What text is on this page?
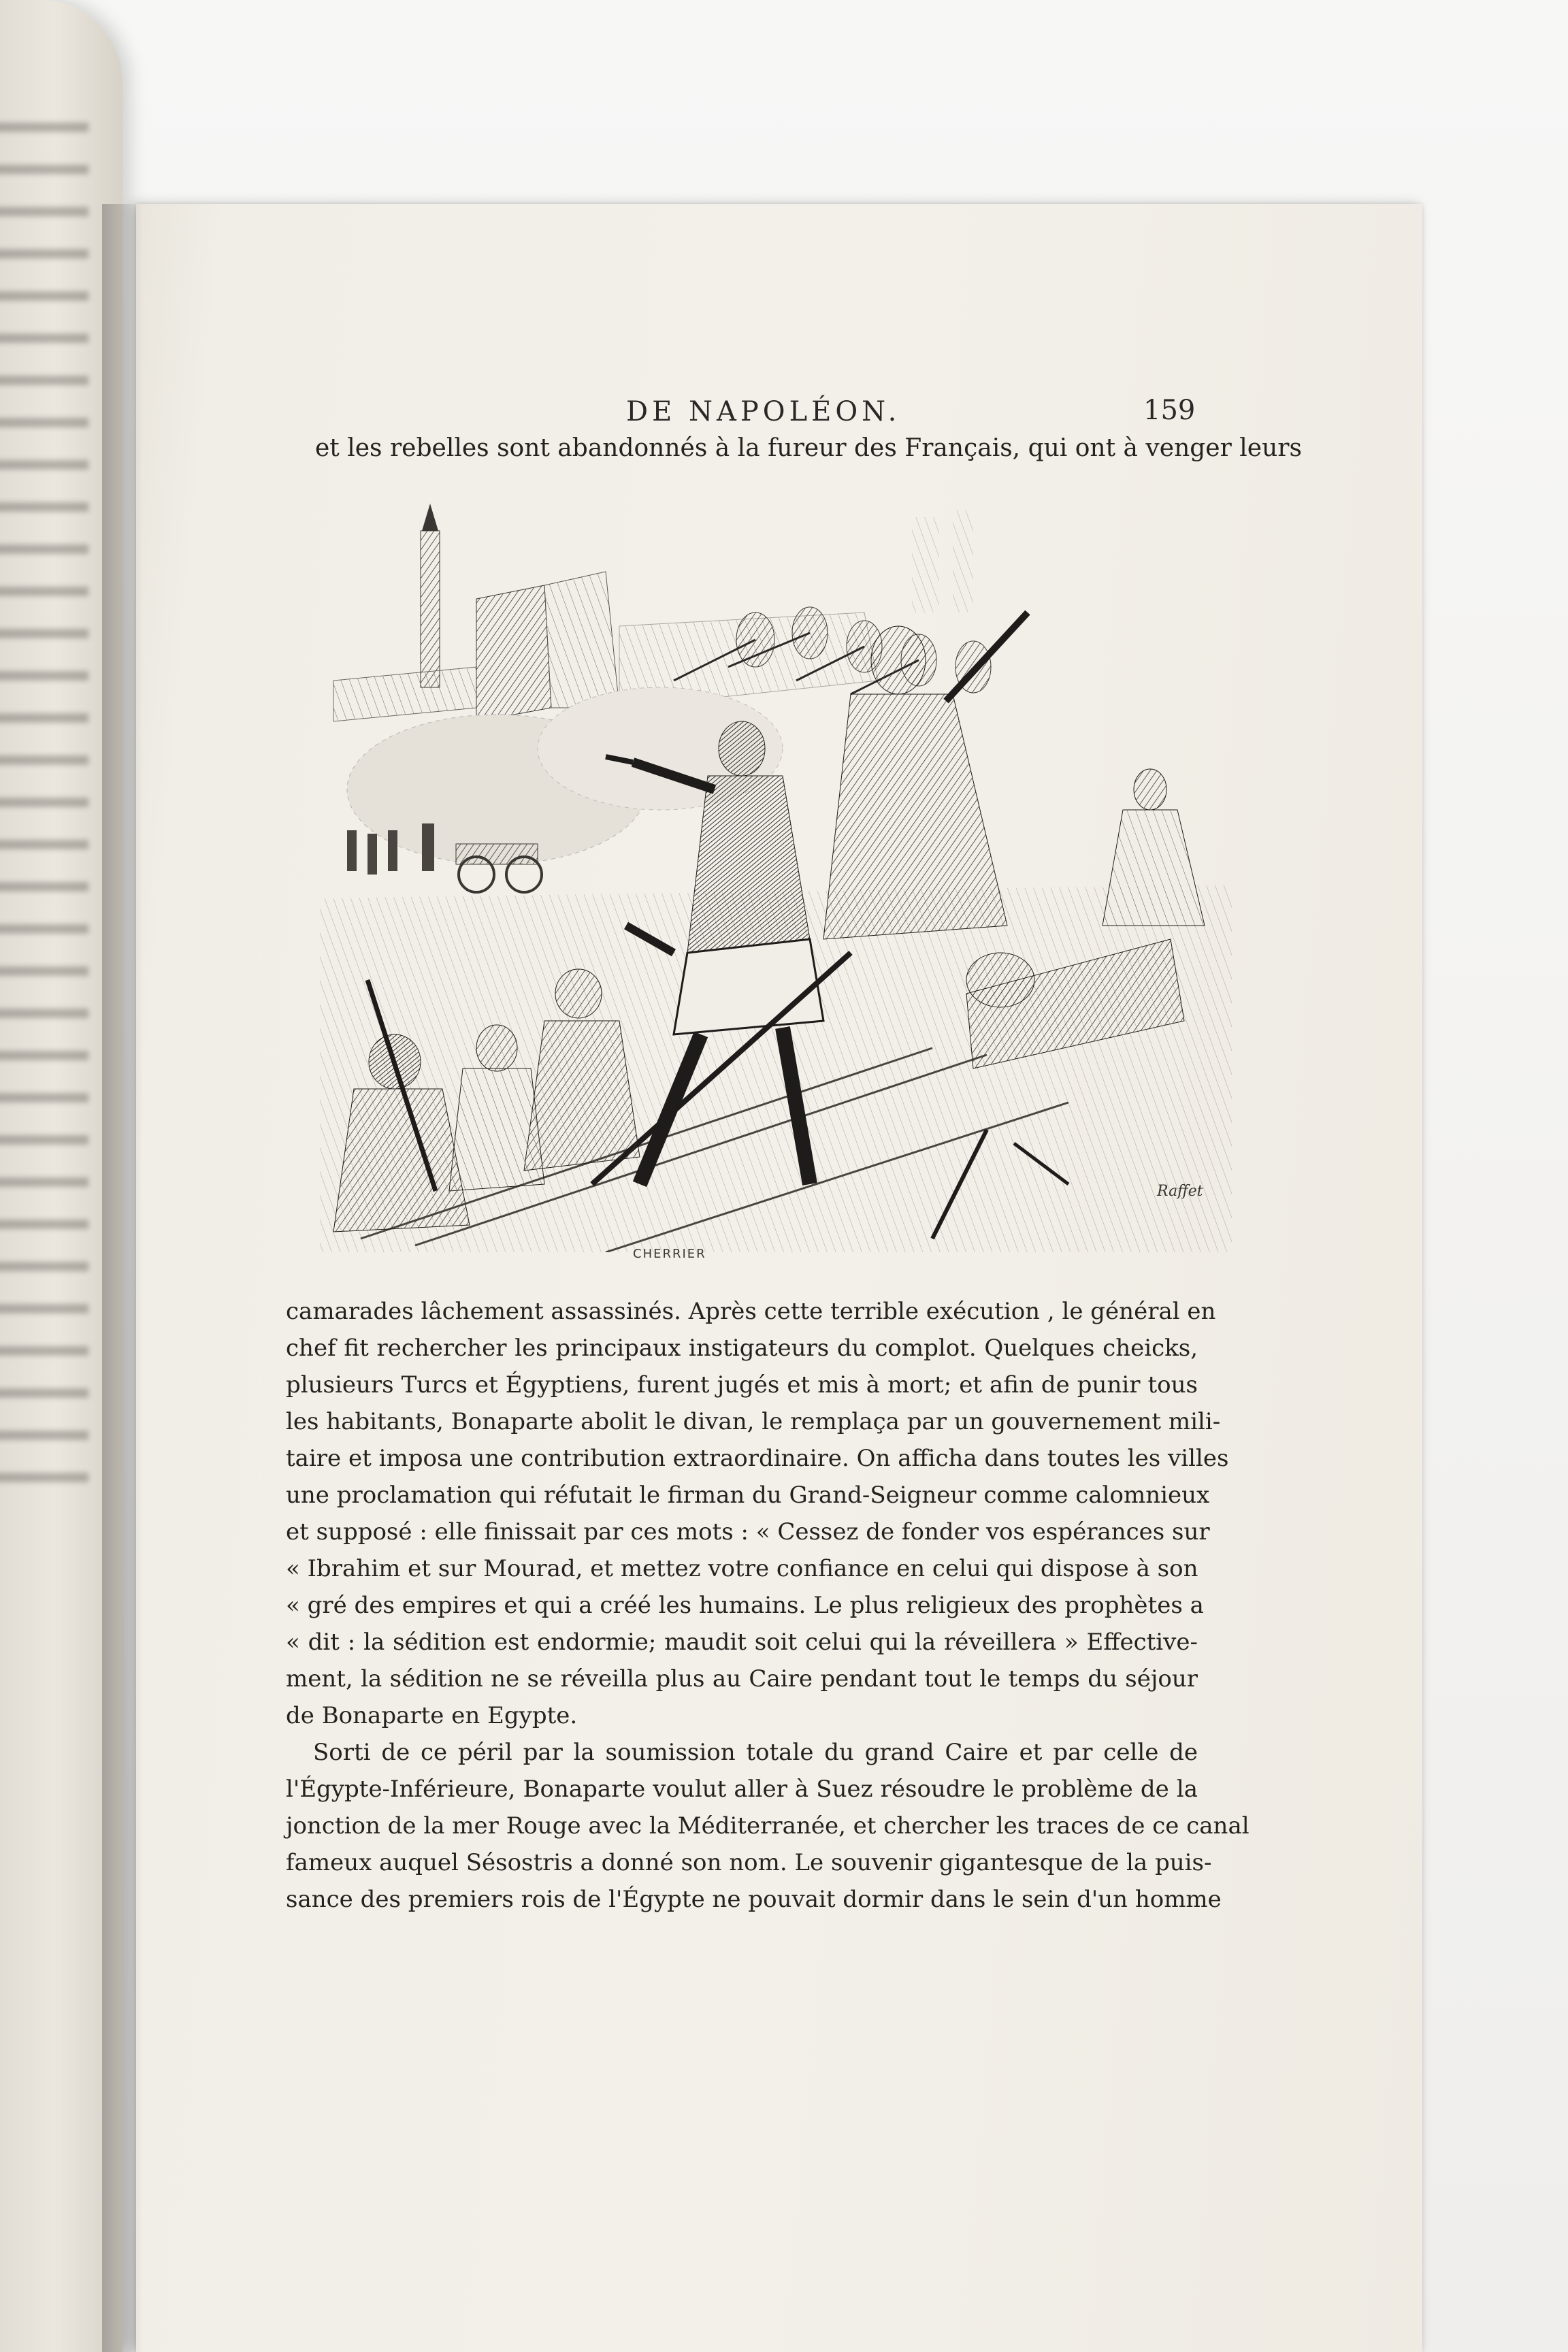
DE NAPOLÉON.	159
et les rebelles sont abandonnés à la fureur des Français, qui ont à venger leurs
CHERRIER
Raffet
camarades lâchement assassinés. Après cette terrible exécution , le général en
chef fit rechercher les principaux instigateurs du complot. Quelques cheicks,
plusieurs Turcs et Égyptiens, furent jugés et mis à mort; et afin de punir tous
les habitants, Bonaparte abolit le divan, le remplaça par un gouvernement mili-
taire et imposa une contribution extraordinaire. On afficha dans toutes les villes
une proclamation qui réfutait le firman du Grand-Seigneur comme calomnieux
et supposé : elle finissait par ces mots : « Cessez de fonder vos espérances sur
« Ibrahim et sur Mourad, et mettez votre confiance en celui qui dispose à son
« gré des empires et qui a créé les humains. Le plus religieux des prophètes a
« dit : la sédition est endormie; maudit soit celui qui la réveillera » Effective-
ment, la sédition ne se réveilla plus au Caire pendant tout le temps du séjour
de Bonaparte en Egypte.
Sorti de ce péril par la soumission totale du grand Caire et par celle de
l'Égypte-Inférieure, Bonaparte voulut aller à Suez résoudre le problème de la
jonction de la mer Rouge avec la Méditerranée, et chercher les traces de ce canal
fameux auquel Sésostris a donné son nom. Le souvenir gigantesque de la puis-
sance des premiers rois de l'Égypte ne pouvait dormir dans le sein d'un homme
